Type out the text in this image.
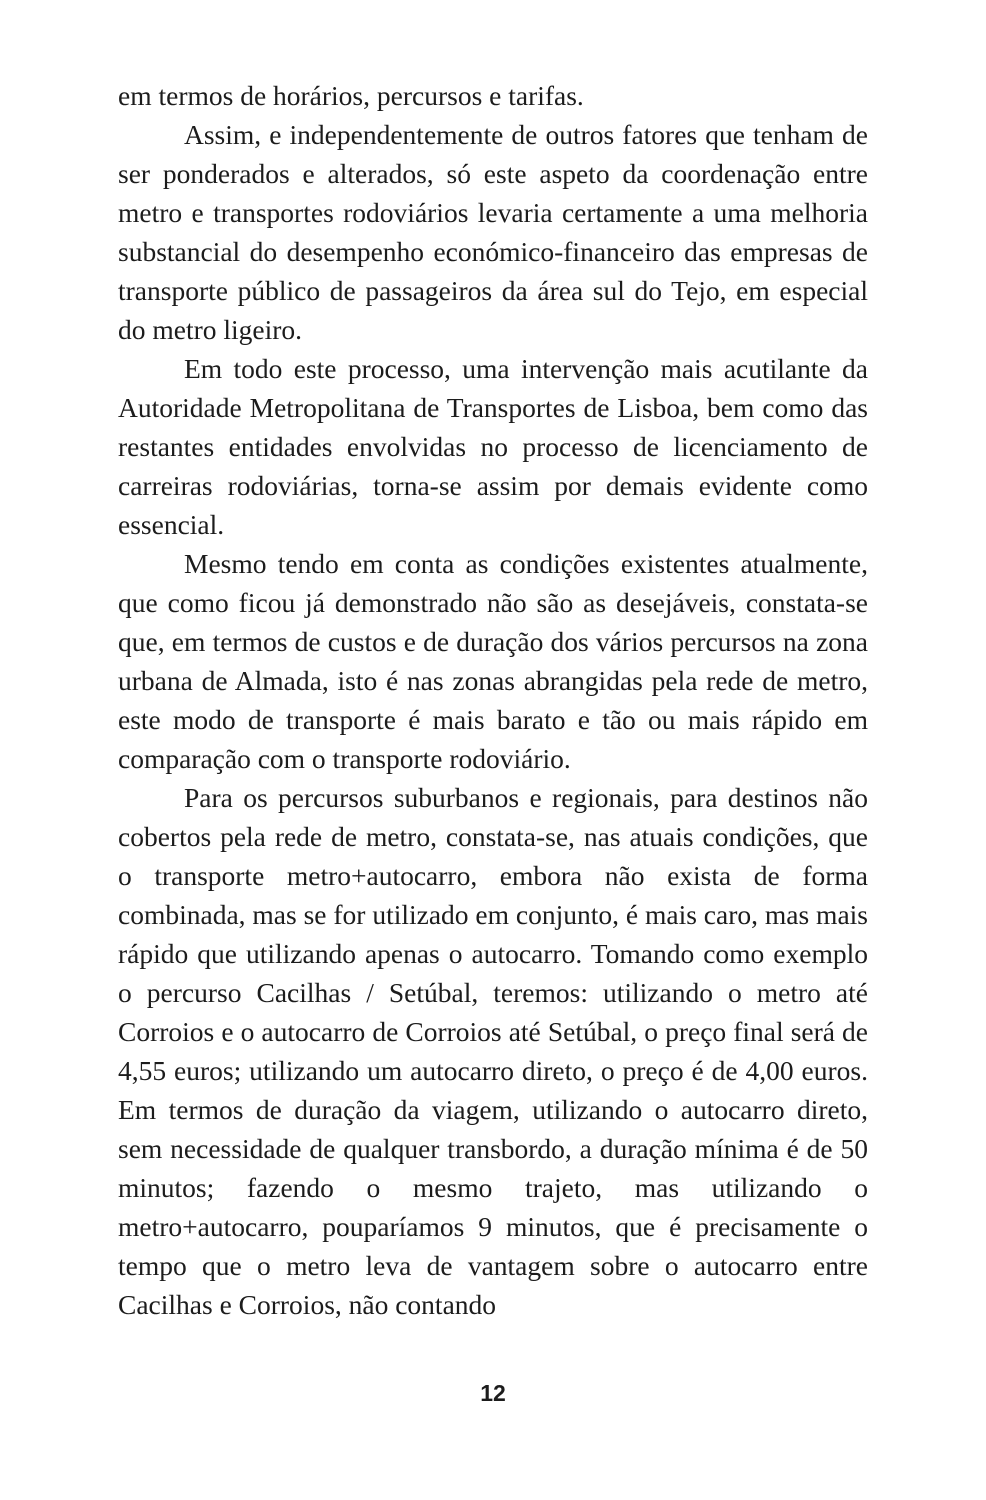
em termos de horários, percursos e tarifas.

Assim, e independentemente de outros fatores que tenham de ser ponderados e alterados, só este aspeto da coordenação entre metro e transportes rodoviários levaria certamente a uma melhoria substancial do desempenho económico-financeiro das empresas de transporte público de passageiros da área sul do Tejo, em especial do metro ligeiro.

Em todo este processo, uma intervenção mais acutilante da Autoridade Metropolitana de Transportes de Lisboa, bem como das restantes entidades envolvidas no processo de licenciamento de carreiras rodoviárias, torna-se assim por demais evidente como essencial.

Mesmo tendo em conta as condições existentes atualmente, que como ficou já demonstrado não são as desejáveis, constata-se que, em termos de custos e de duração dos vários percursos na zona urbana de Almada, isto é nas zonas abrangidas pela rede de metro, este modo de transporte é mais barato e tão ou mais rápido em comparação com o transporte rodoviário.

Para os percursos suburbanos e regionais, para destinos não cobertos pela rede de metro, constata-se, nas atuais condições, que o transporte metro+autocarro, embora não exista de forma combinada, mas se for utilizado em conjunto, é mais caro, mas mais rápido que utilizando apenas o autocarro. Tomando como exemplo o percurso Cacilhas / Setúbal, teremos: utilizando o metro até Corroios e o autocarro de Corroios até Setúbal, o preço final será de 4,55 euros; utilizando um autocarro direto, o preço é de 4,00 euros. Em termos de duração da viagem, utilizando o autocarro direto, sem necessidade de qualquer transbordo, a duração mínima é de 50 minutos; fazendo o mesmo trajeto, mas utilizando o metro+autocarro, pouparíamos 9 minutos, que é precisamente o tempo que o metro leva de vantagem sobre o autocarro entre Cacilhas e Corroios, não contando

12
